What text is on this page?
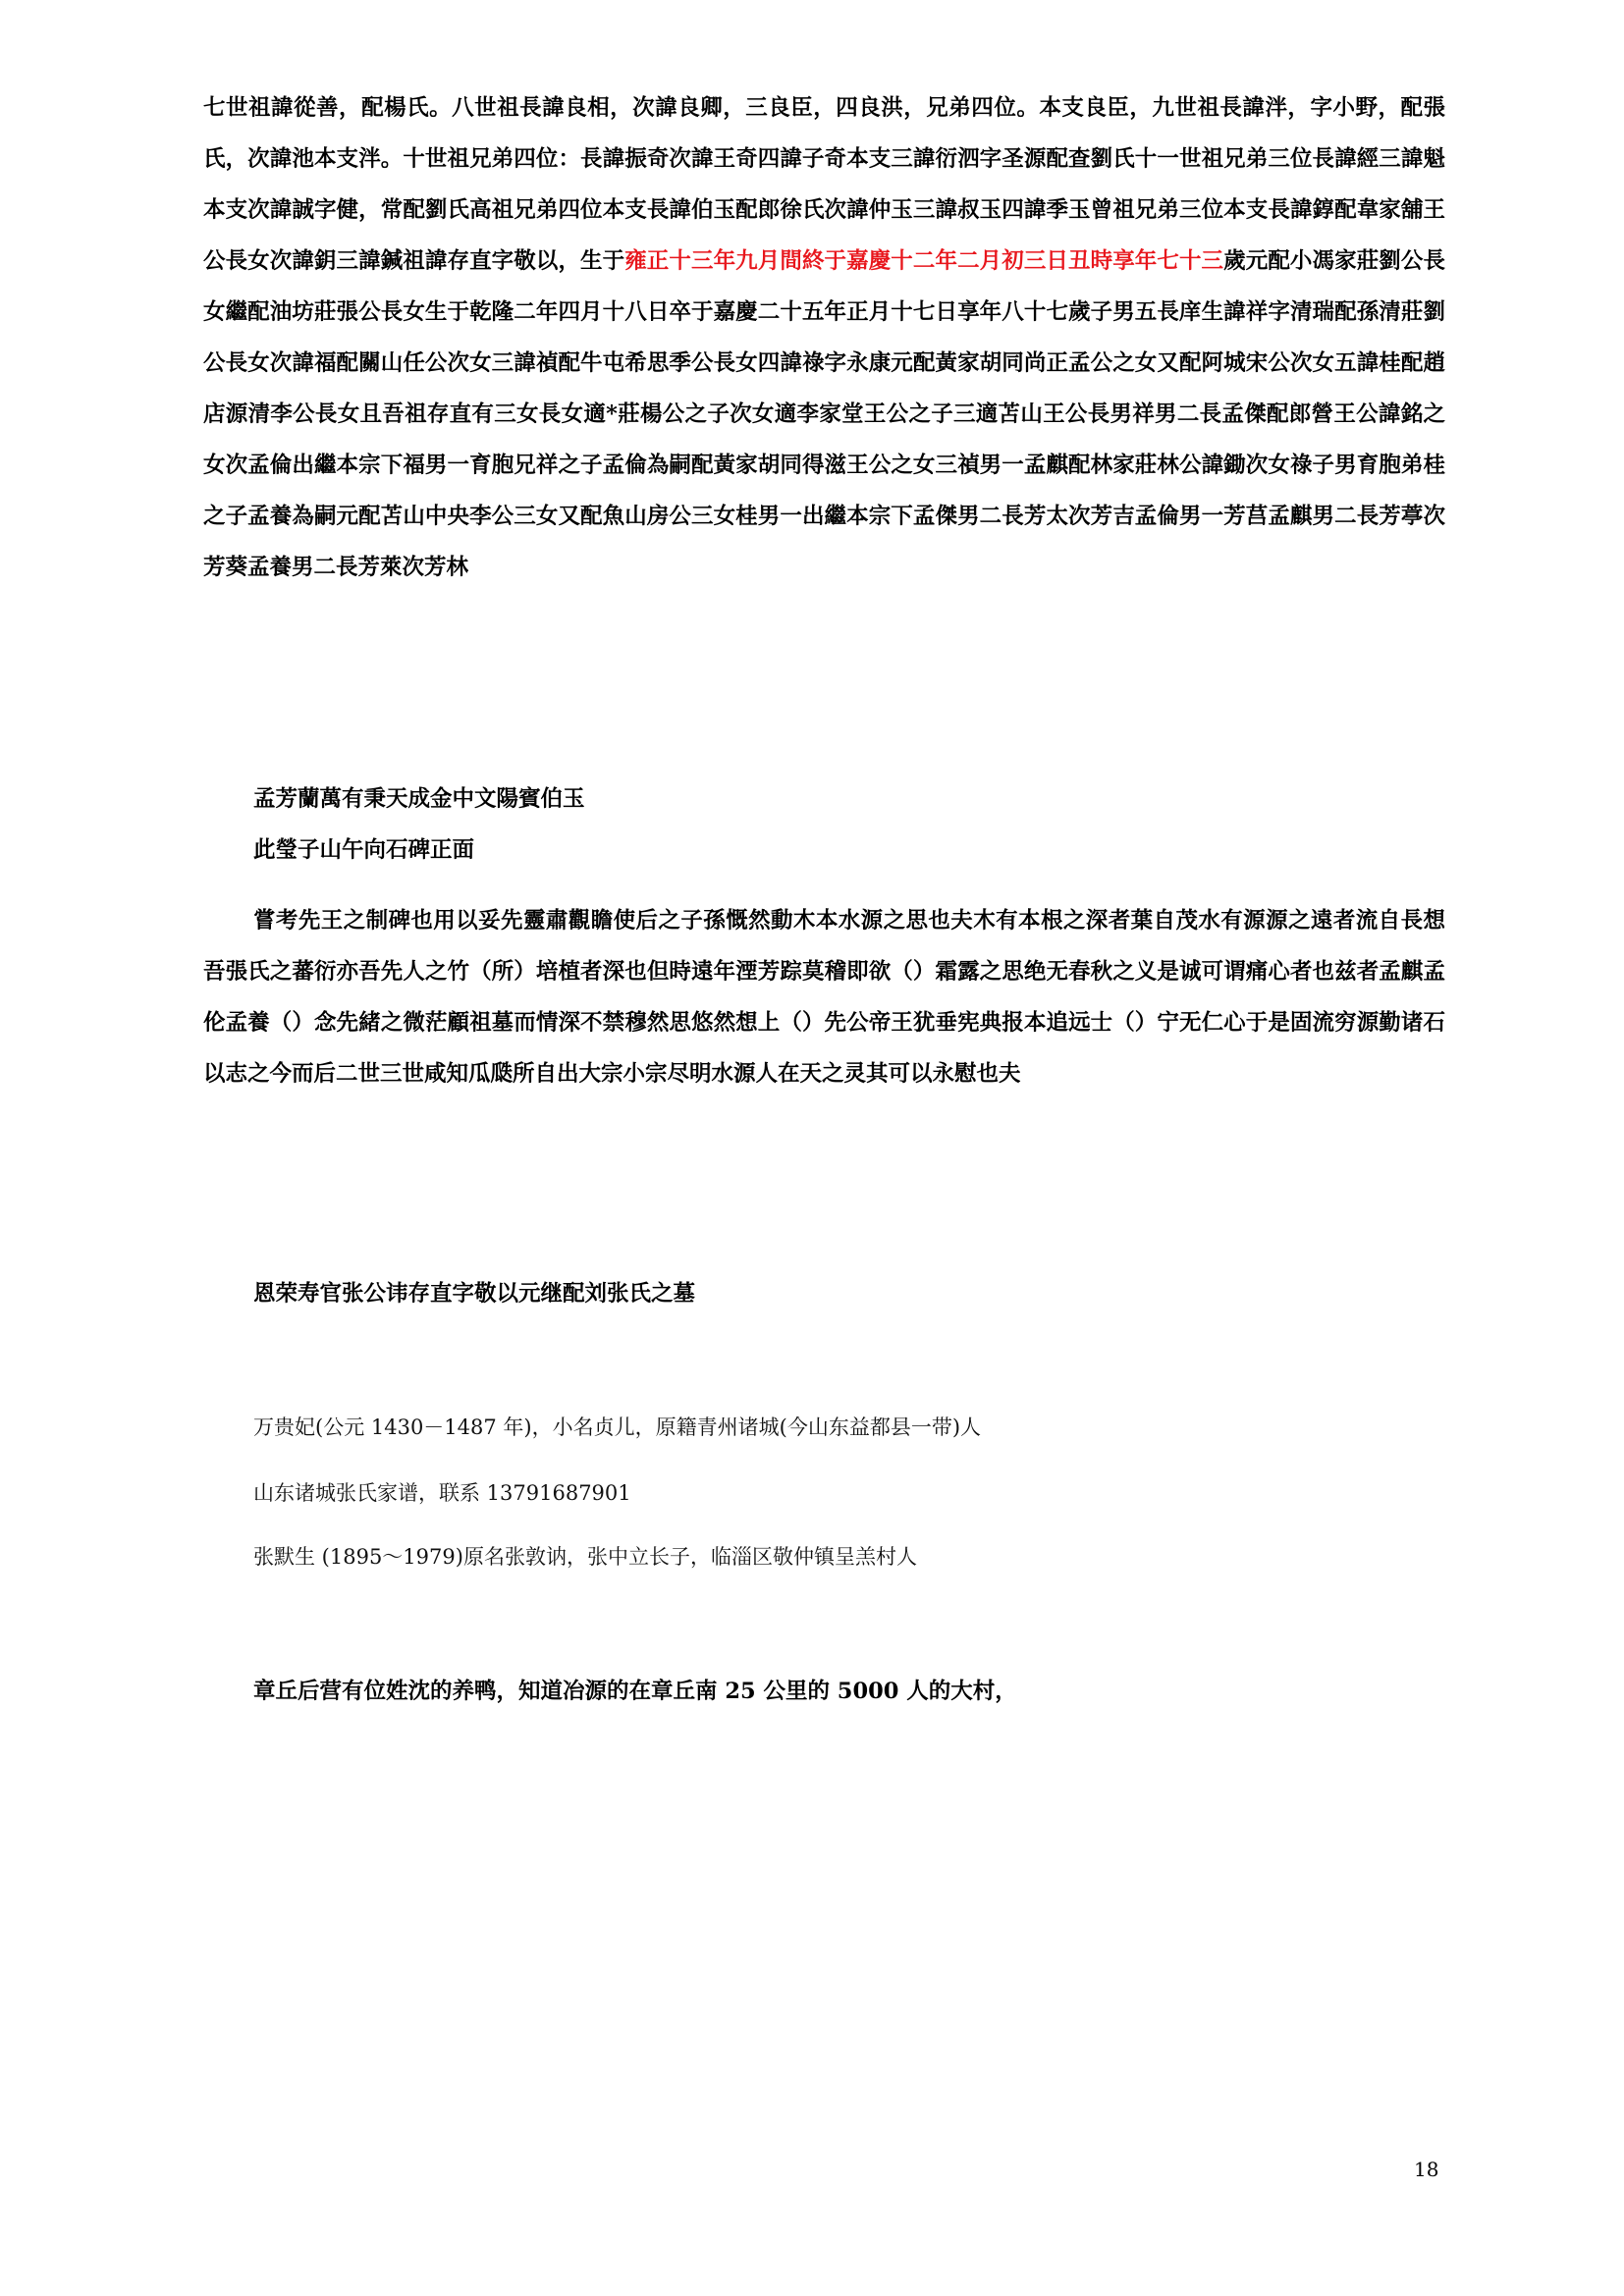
七世祖諱從善，配楊氏。八世祖長諱良相，次諱良卿，三良臣，四良洪，兄弟四位。本支良臣，九世祖長諱泮，字小野，配張氏，次諱池本支泮。十世祖兄弟四位：長諱振奇次諱王奇四諱子奇本支三諱衍泗字圣源配查劉氏十一世祖兄弟三位長諱經三諱魁本支次諱誠字健，常配劉氏高祖兄弟四位本支長諱伯玉配郎徐氏次諱仲玉三諱叔玉四諱季玉曾祖兄弟三位本支長諱錞配韋家舖王公長女次諱鈅三諱鍼祖諱存直字敬以，生于雍正十三年九月間終于嘉慶十二年二月初三日丑時享年七十三歲元配小馮家莊劉公長女繼配油坊莊張公長女生于乾隆二年四月十八日卒于嘉慶二十五年正月十七日享年八十七歲子男五長庠生諱祥字清瑞配孫清莊劉公長女次諱福配關山任公次女三諱禎配牛屯希思季公長女四諱祿字永康元配黃家胡同尚正孟公之女又配阿城宋公次女五諱桂配趙店源清李公長女且吾祖存直有三女長女適*莊楊公之子次女適李家堂王公之子三適苫山王公長男祥男二長孟傑配郎營王公諱銘之女次孟倫出繼本宗下福男一育胞兄祥之子孟倫為嗣配黃家胡同得滋王公之女三禎男一孟麒配林家莊林公諱鋤次女祿子男育胞弟桂之子孟養為嗣元配苫山中央李公三女又配魚山房公三女桂男一出繼本宗下孟傑男二長芳太次芳吉孟倫男一芳莒孟麒男二長芳葶次芳葵孟養男二長芳萊次芳林

孟芳蘭萬有秉天成金中文陽賓伯玉

此瑩子山午向石碑正面

嘗考先王之制碑也用以妥先靈肅觀瞻使后之子孫慨然動木本水源之思也夫木有本根之深者葉自茂水有源源之遠者流自長想吾張氏之蕃衍亦吾先人之竹（所）培植者深也但時遠年湮芳踪莫稽即欲（）霜露之思绝无春秋之义是诚可谓痛心者也兹者孟麒孟伦孟養（）念先緒之微茫顧祖墓而情深不禁穆然思悠然想上（）先公帝王犹垂宪典报本追远士（）宁无仁心于是固流穷源勤诸石以志之今而后二世三世咸知瓜瓞所自出大宗小宗尽明水源人在天之灵其可以永慰也夫

恩荣寿官张公讳存直字敬以元继配刘张氏之墓

万贵妃(公元 1430－1487 年)，小名贞儿，原籍青州诸城(今山东益都县一带)人

山东诸城张氏家谱，联系 13791687901

张默生 (1895～1979)原名张敦讷，张中立长子，临淄区敬仲镇呈羔村人

章丘后营有位姓沈的养鸭，知道冶源的在章丘南 25 公里的 5000 人的大村，

18
